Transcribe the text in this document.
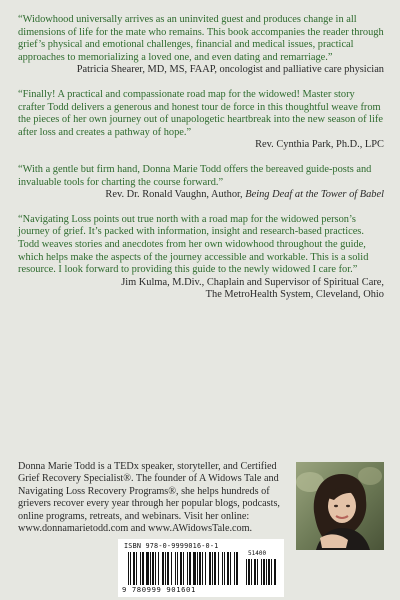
“Widowhood universally arrives as an uninvited guest and produces change in all dimensions of life for the mate who remains. This book accompanies the reader through grief’s physical and emotional challenges, financial and medical issues, practical approaches to memorializing a loved one, and even dating and remarriage.”

Patricia Shearer, MD, MS, FAAP, oncologist and palliative care physician

“Finally! A practical and compassionate road map for the widowed! Master story crafter Todd delivers a generous and honest tour de force in this thoughtful weave from the pieces of her own journey out of unapologetic heartbreak into the new season of life after loss and creates a pathway of hope.”

Rev. Cynthia Park, Ph.D., LPC

“With a gentle but firm hand, Donna Marie Todd offers the bereaved guide-posts and invaluable tools for charting the course forward.”

Rev. Dr. Ronald Vaughn, Author, Being Deaf at the Tower of Babel

“Navigating Loss points out true north with a road map for the widowed person’s journey of grief. It’s packed with information, insight and research-based practices. Todd weaves stories and anecdotes from her own widowhood throughout the guide, which helps make the aspects of the journey accessible and workable. This is a solid resource. I look forward to providing this guide to the newly widowed I care for.”

Jim Kulma, M.Div., Chaplain and Supervisor of Spiritual Care,
The MetroHealth System, Cleveland, Ohio

Donna Marie Todd is a TEDx speaker, storyteller, and Certified Grief Recovery Specialist®. The founder of A Widows Tale and Navigating Loss Recovery Programs®, she helps hundreds of grievers recover every year through her popular blogs, podcasts, online programs, retreats, and webinars. Visit her online: www.donnamarietodd.com and www.AWidowsTale.com.

ISBN 978-0-9999016-0-1
51400
9 780999 901601
